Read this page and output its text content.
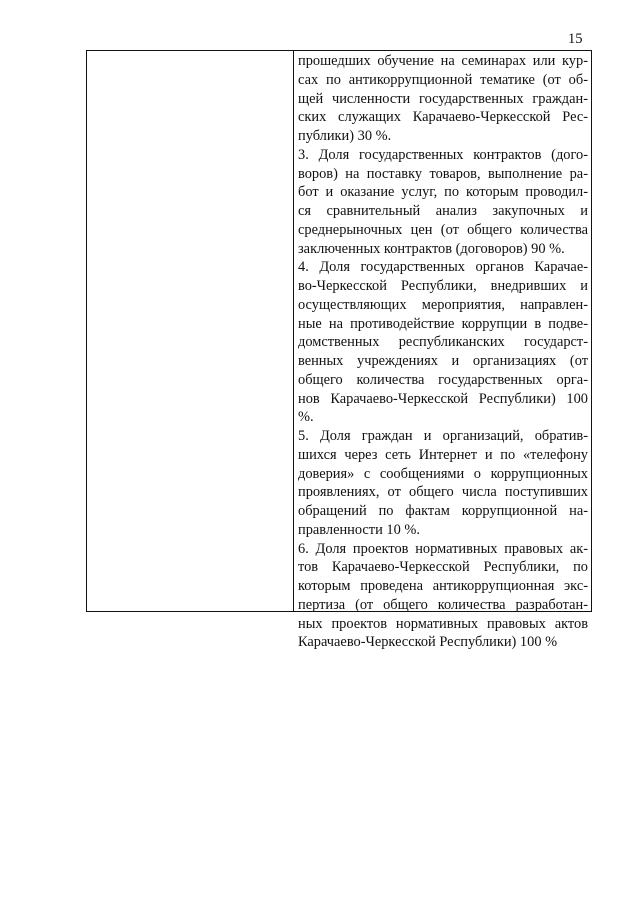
15
прошедших обучение на семинарах или кур-
сах по антикоррупционной тематике (от об-
щей численности государственных граждан-
ских служащих Карачаево-Черкесской Рес-
публики) 30 %.
3. Доля государственных контрактов (дого-
воров) на поставку товаров, выполнение ра-
бот и оказание услуг, по которым проводил-
ся сравнительный анализ закупочных и
среднерыночных цен (от общего количества
заключенных контрактов (договоров) 90 %.
4. Доля государственных органов Карачае-
во-Черкесской Республики, внедривших и
осуществляющих мероприятия, направлен-
ные на противодействие коррупции в подве-
домственных республиканских государст-
венных учреждениях и организациях (от
общего количества государственных орга-
нов Карачаево-Черкесской Республики) 100
%.
5. Доля граждан и организаций, обратив-
шихся через сеть Интернет и по «телефону
доверия» с сообщениями о коррупционных
проявлениях, от общего числа поступивших
обращений по фактам коррупционной на-
правленности 10 %.
6. Доля проектов нормативных правовых ак-
тов Карачаево-Черкесской Республики, по
которым проведена антикоррупционная экс-
пертиза (от общего количества разработан-
ных проектов нормативных правовых актов
Карачаево-Черкесской Республики) 100 %
